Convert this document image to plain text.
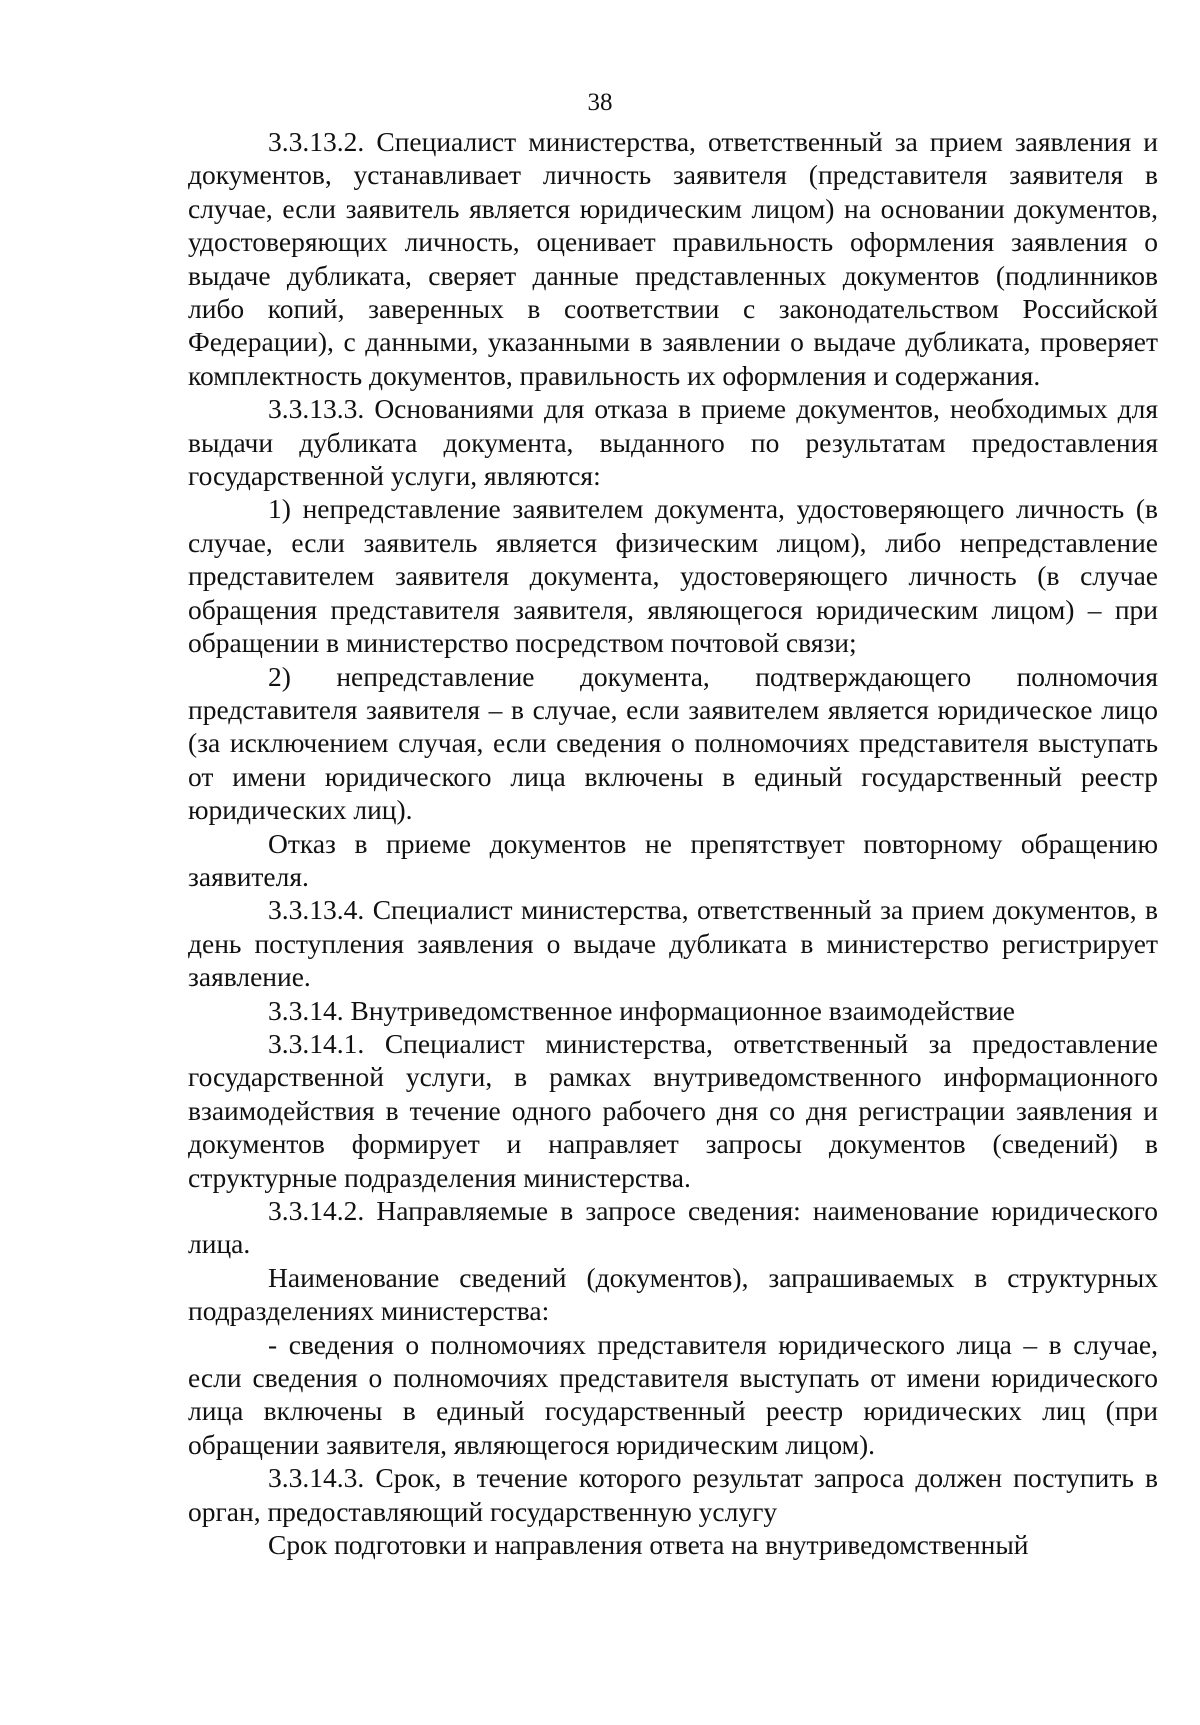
38

3.3.13.2. Специалист министерства, ответственный за прием заявления и документов, устанавливает личность заявителя (представителя заявителя в случае, если заявитель является юридическим лицом) на основании документов, удостоверяющих личность, оценивает правильность оформления заявления о выдаче дубликата, сверяет данные представленных документов (подлинников либо копий, заверенных в соответствии с законодательством Российской Федерации), с данными, указанными в заявлении о выдаче дубликата, проверяет комплектность документов, правильность их оформления и содержания.

3.3.13.3. Основаниями для отказа в приеме документов, необходимых для выдачи дубликата документа, выданного по результатам предоставления государственной услуги, являются:

1) непредставление заявителем документа, удостоверяющего личность (в случае, если заявитель является физическим лицом), либо непредставление представителем заявителя документа, удостоверяющего личность (в случае обращения представителя заявителя, являющегося юридическим лицом) – при обращении в министерство посредством почтовой связи;

2) непредставление документа, подтверждающего полномочия представителя заявителя – в случае, если заявителем является юридическое лицо (за исключением случая, если сведения о полномочиях представителя выступать от имени юридического лица включены в единый государственный реестр юридических лиц).

Отказ в приеме документов не препятствует повторному обращению заявителя.

3.3.13.4. Специалист министерства, ответственный за прием документов, в день поступления заявления о выдаче дубликата в министерство регистрирует заявление.

3.3.14. Внутриведомственное информационное взаимодействие

3.3.14.1. Специалист министерства, ответственный за предоставление государственной услуги, в рамках внутриведомственного информационного взаимодействия в течение одного рабочего дня со дня регистрации заявления и документов формирует и направляет запросы документов (сведений) в структурные подразделения министерства.

3.3.14.2. Направляемые в запросе сведения: наименование юридического лица.

Наименование сведений (документов), запрашиваемых в структурных подразделениях министерства:

- сведения о полномочиях представителя юридического лица – в случае, если сведения о полномочиях представителя выступать от имени юридического лица включены в единый государственный реестр юридических лиц (при обращении заявителя, являющегося юридическим лицом).

3.3.14.3. Срок, в течение которого результат запроса должен поступить в орган, предоставляющий государственную услугу

Срок подготовки и направления ответа на внутриведомственный
